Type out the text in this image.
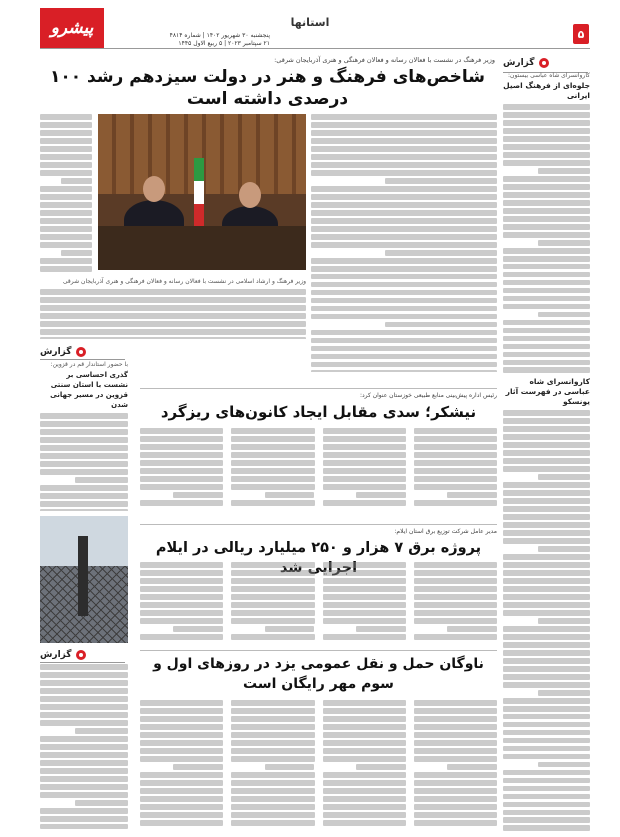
پیشرو	پنجشنبه ۳۰ شهریور ۱۴۰۲ | شماره ۴۸۱۴
۲۱ سپتامبر ۲۰۲۳ | ۵ ربیع الاول ۱۴۴۵
استانها
۵
گزارش
کاروانسرای شاه عباسی بیستون:
جلوه‌ای از فرهنگ اصیل ایرانی
کاروانسرای شاه عباسی در فهرست آثار یونسکو
وزیر فرهنگ در نشست با فعالان رسانه و فعالان فرهنگی و هنری آذربایجان شرقی:
شاخص‌های فرهنگ و هنر در دولت سیزدهم رشد ۱۰۰ درصدی داشته است
وزیر فرهنگ و ارشاد اسلامی در نشست با فعالان رسانه و فعالان فرهنگی و هنری آذربایجان شرقی
گزارش
با حضور استاندار قم در قزوین:
گذری احساسی بر نشست با استان سنتی قزوین در مسیر جهانی شدن
رئیس اداره پیش‌بینی منابع طبیعی خوزستان عنوان کرد:
نیشکر؛ سدی مقابل ایجاد کانون‌های ریزگرد
مدیر عامل شرکت توزیع برق استان ایلام:
پروژه برق ۷ هزار و ۲۵۰ میلیارد ریالی در ایلام اجرایی شد
گزارش
ناوگان حمل و نقل عمومی یزد در روزهای اول و سوم مهر رایگان است
